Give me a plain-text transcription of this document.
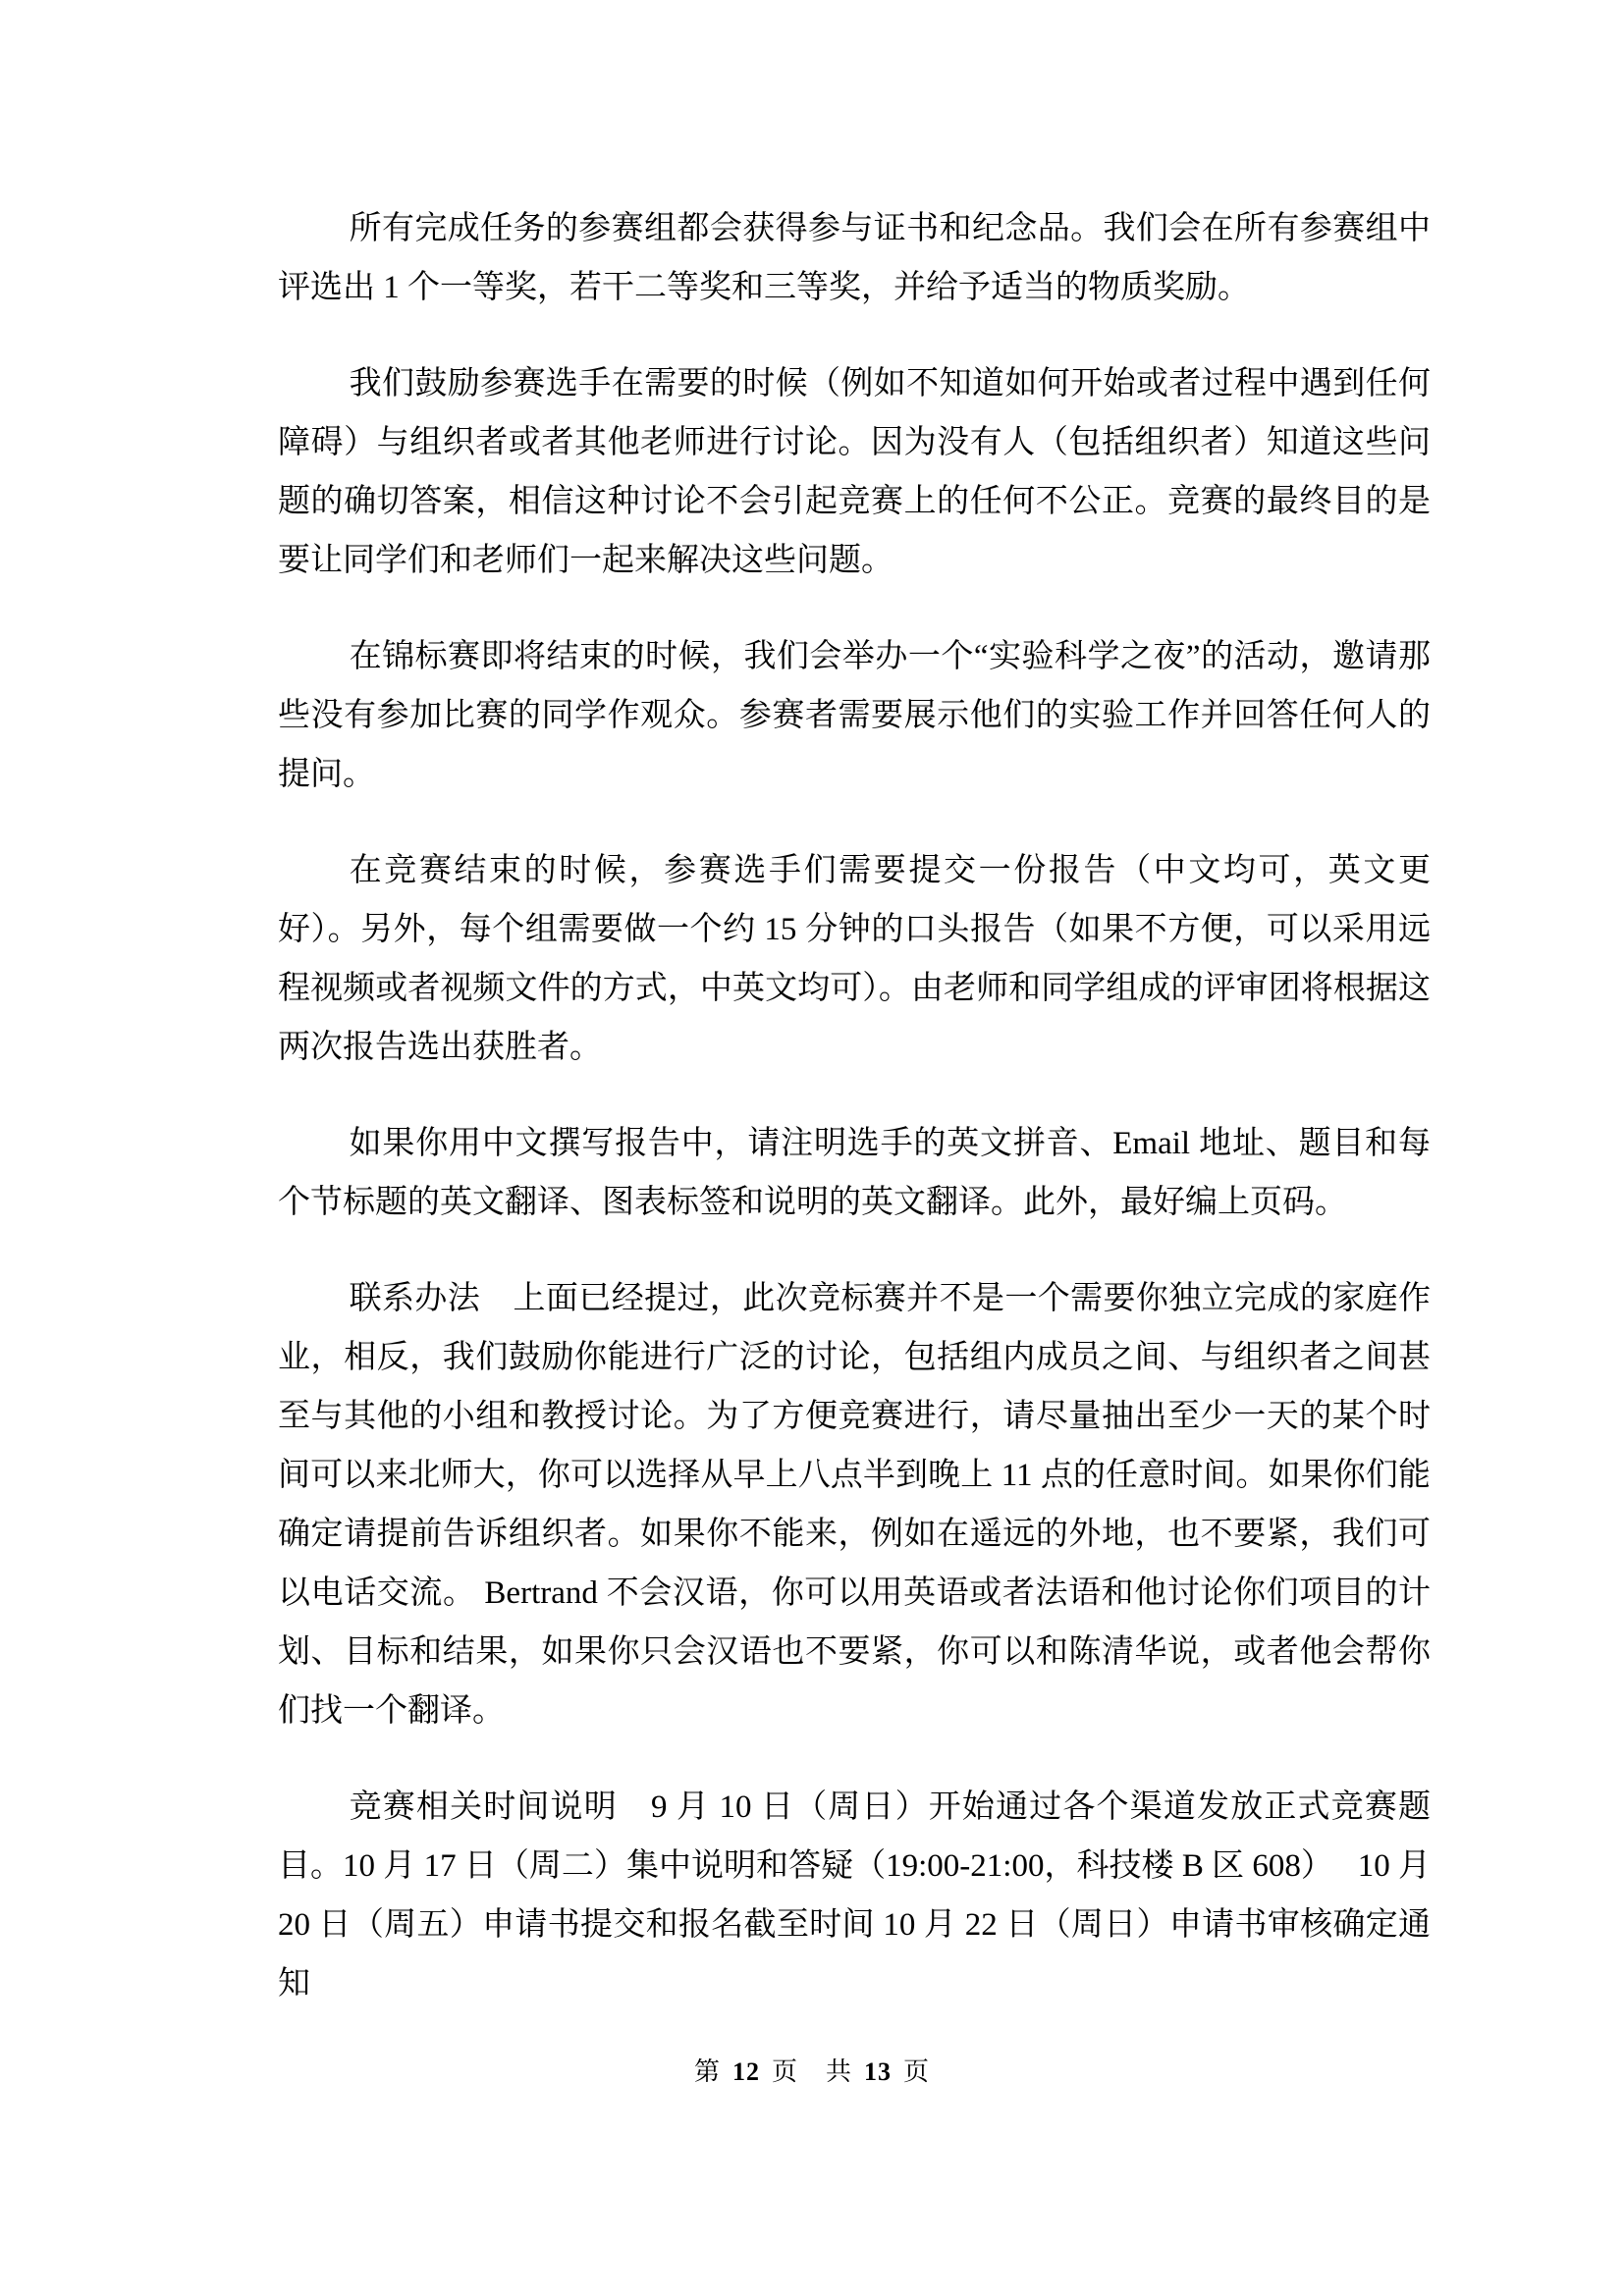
所有完成任务的参赛组都会获得参与证书和纪念品。我们会在所有参赛组中评选出 1 个一等奖，若干二等奖和三等奖，并给予适当的物质奖励。

我们鼓励参赛选手在需要的时候（例如不知道如何开始或者过程中遇到任何障碍）与组织者或者其他老师进行讨论。因为没有人（包括组织者）知道这些问题的确切答案，相信这种讨论不会引起竞赛上的任何不公正。竞赛的最终目的是要让同学们和老师们一起来解决这些问题。

在锦标赛即将结束的时候，我们会举办一个“实验科学之夜”的活动，邀请那些没有参加比赛的同学作观众。参赛者需要展示他们的实验工作并回答任何人的提问。

在竞赛结束的时候，参赛选手们需要提交一份报告（中文均可，英文更好）。另外，每个组需要做一个约 15 分钟的口头报告（如果不方便，可以采用远程视频或者视频文件的方式，中英文均可）。由老师和同学组成的评审团将根据这两次报告选出获胜者。

如果你用中文撰写报告中，请注明选手的英文拼音、Email 地址、题目和每个节标题的英文翻译、图表标签和说明的英文翻译。此外，最好编上页码。

联系办法　上面已经提过，此次竞标赛并不是一个需要你独立完成的家庭作业，相反，我们鼓励你能进行广泛的讨论，包括组内成员之间、与组织者之间甚至与其他的小组和教授讨论。为了方便竞赛进行，请尽量抽出至少一天的某个时间可以来北师大，你可以选择从早上八点半到晚上 11 点的任意时间。如果你们能确定请提前告诉组织者。如果你不能来，例如在遥远的外地，也不要紧，我们可以电话交流。 Bertrand 不会汉语，你可以用英语或者法语和他讨论你们项目的计划、目标和结果，如果你只会汉语也不要紧，你可以和陈清华说，或者他会帮你们找一个翻译。

竞赛相关时间说明　9 月 10 日（周日）开始通过各个渠道发放正式竞赛题目。10 月 17 日（周二）集中说明和答疑（19:00-21:00，科技楼 B 区 608）　 10 月 20 日（周五）申请书提交和报名截至时间 10 月 22 日（周日）申请书审核确定通知

第 12 页 共 13 页
